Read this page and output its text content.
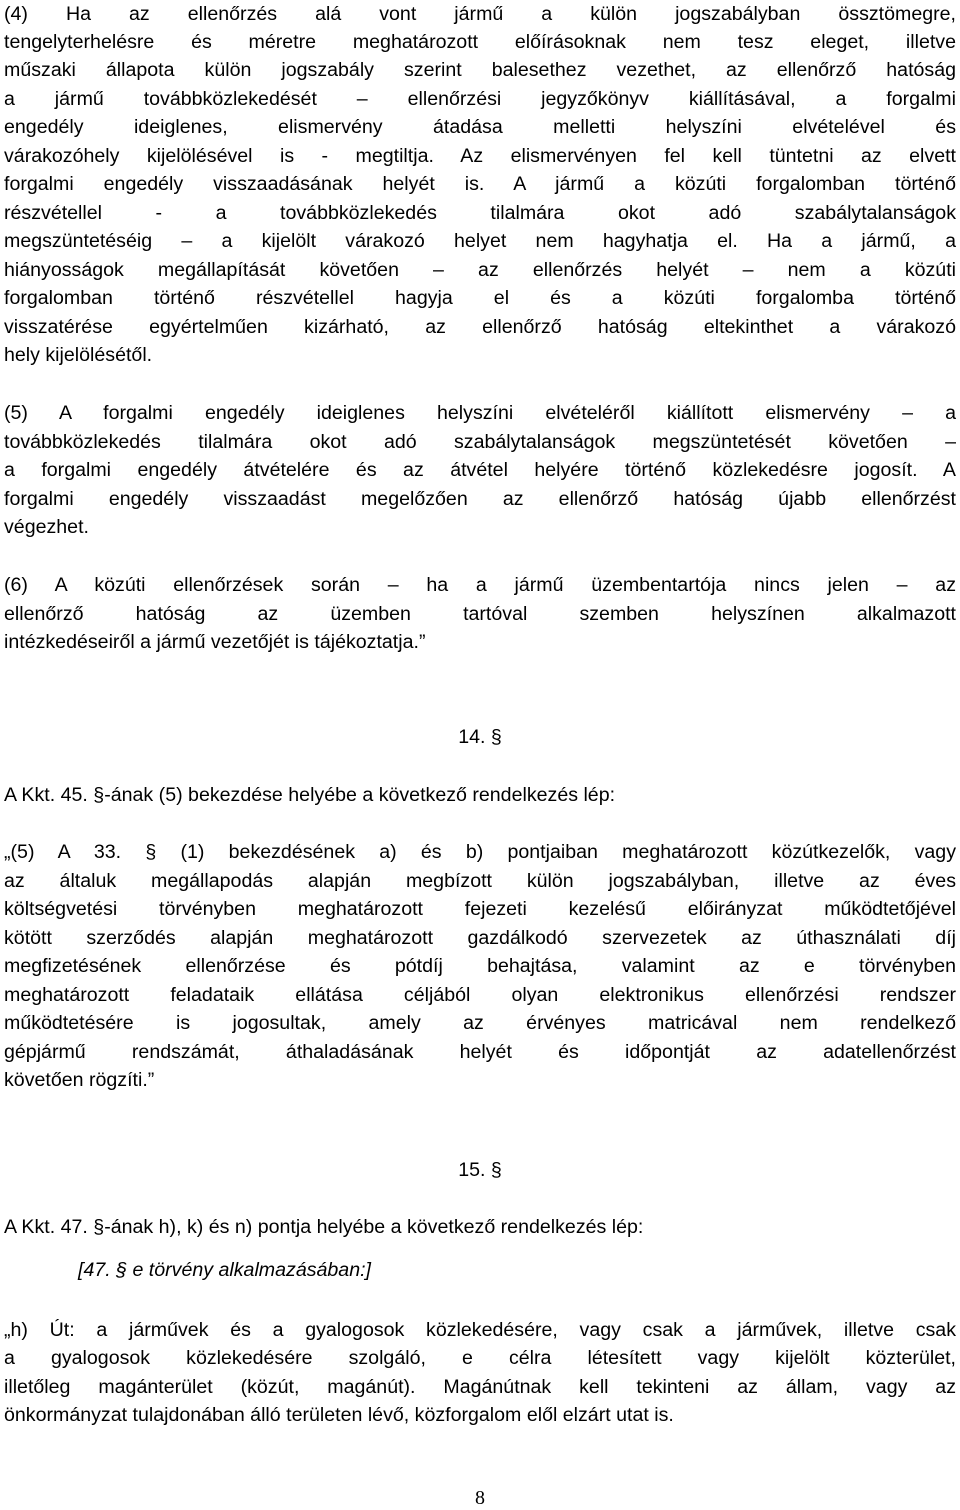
(4) Ha az ellenőrzés alá vont jármű a külön jogszabályban össztömegre,
tengelyterhelésre és méretre meghatározott előírásoknak nem tesz eleget, illetve
műszaki állapota külön jogszabály szerint balesethez vezethet, az ellenőrző hatóság
a jármű továbbközlekedését – ellenőrzési jegyzőkönyv kiállításával, a forgalmi
engedély ideiglenes, elismervény átadása melletti helyszíni elvételével és
várakozóhely kijelölésével is - megtiltja. Az elismervényen fel kell tüntetni az elvett
forgalmi engedély visszaadásának helyét is. A jármű a közúti forgalomban történő
részvétellel - a továbbközlekedés tilalmára okot adó szabálytalanságok
megszüntetéséig – a kijelölt várakozó helyet nem hagyhatja el. Ha a jármű, a
hiányosságok megállapítását követően – az ellenőrzés helyét – nem a közúti
forgalomban történő részvétellel hagyja el és a közúti forgalomba történő
visszatérése egyértelműen kizárható, az ellenőrző hatóság eltekinthet a várakozó
hely kijelölésétől.
(5) A forgalmi engedély ideiglenes helyszíni elvételéről kiállított elismervény – a
továbbközlekedés tilalmára okot adó szabálytalanságok megszüntetését követően –
a forgalmi engedély átvételére és az átvétel helyére történő közlekedésre jogosít. A
forgalmi engedély visszaadást megelőzően az ellenőrző hatóság újabb ellenőrzést
végezhet.
(6) A közúti ellenőrzések során – ha a jármű üzembentartója nincs jelen – az
ellenőrző hatóság az üzemben tartóval szemben helyszínen alkalmazott
intézkedéseiről a jármű vezetőjét is tájékoztatja.”
14. §
A Kkt. 45. §-ának (5) bekezdése helyébe a következő rendelkezés lép:
„(5) A 33. § (1) bekezdésének a) és b) pontjaiban meghatározott közútkezelők, vagy
az általuk megállapodás alapján megbízott külön jogszabályban, illetve az éves
költségvetési törvényben meghatározott fejezeti kezelésű előirányzat működtetőjével
kötött szerződés alapján meghatározott gazdálkodó szervezetek az úthasználati díj
megfizetésének ellenőrzése és pótdíj behajtása, valamint az e törvényben
meghatározott feladataik ellátása céljából olyan elektronikus ellenőrzési rendszer
működtetésére is jogosultak, amely az érvényes matricával nem rendelkező
gépjármű rendszámát, áthaladásának helyét és időpontját az adatellenőrzést
követően rögzíti.”
15. §
A Kkt. 47. §-ának h), k) és n) pontja helyébe a következő rendelkezés lép:
[47. § e törvény alkalmazásában:]
„h) Út: a járművek és a gyalogosok közlekedésére, vagy csak a járművek, illetve csak
a gyalogosok közlekedésére szolgáló, e célra létesített vagy kijelölt közterület,
illetőleg magánterület (közút, magánút). Magánútnak kell tekinteni az állam, vagy az
önkormányzat tulajdonában álló területen lévő, közforgalom elől elzárt utat is.
8
